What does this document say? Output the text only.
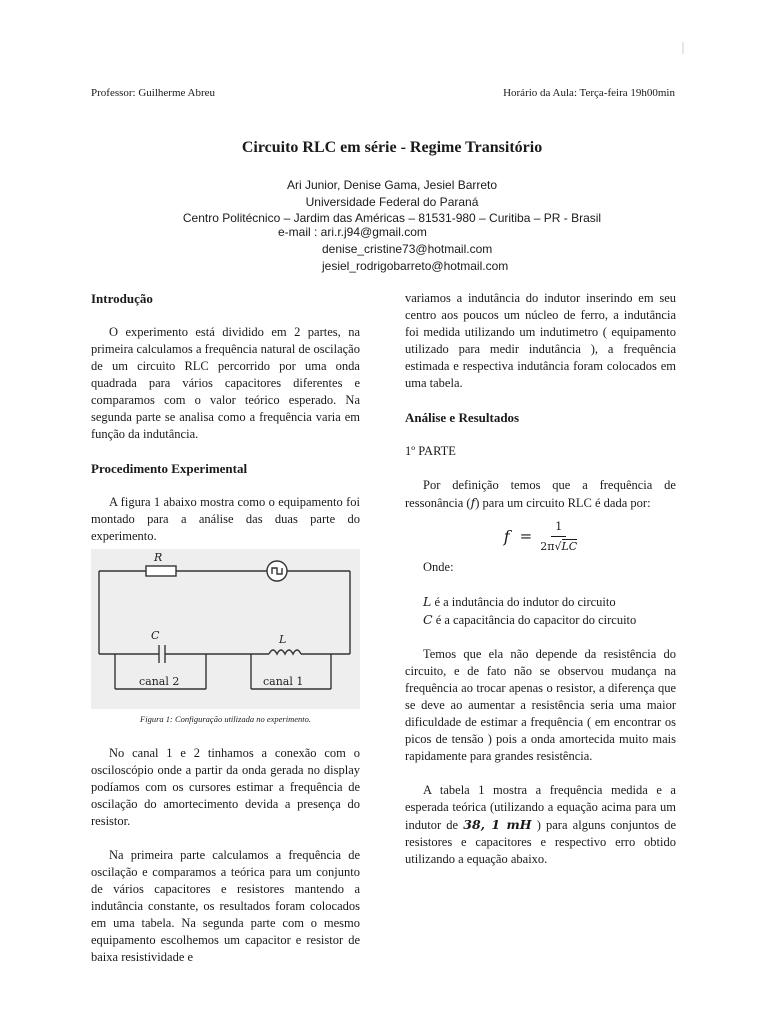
Professor: Guilherme Abreu	Horário da Aula: Terça-feira 19h00min
Circuito RLC em série - Regime Transitório
Ari Junior, Denise Gama, Jesiel Barreto
Universidade Federal do Paraná
Centro Politécnico – Jardim das Américas – 81531-980 – Curitiba – PR - Brasil
e-mail : ari.r.j94@gmail.com
denise_cristine73@hotmail.com
jesiel_rodrigobarreto@hotmail.com
Introdução

O experimento está dividido em 2 partes, na primeira calculamos a frequência natural de oscilação de um circuito RLC percorrido por uma onda quadrada para vários capacitores diferentes e comparamos com o valor teórico esperado. Na segunda parte se analisa como a frequência varia em função da indutância.

Procedimento Experimental

A figura 1 abaixo mostra como o equipamento foi montado para a análise das duas parte do experimento.

R
C	L
canal 2	canal 1
Figura 1: Configuração utilizada no experimento.

No canal 1 e 2 tinhamos a conexão com o osciloscópio onde a partir da onda gerada no display podíamos com os cursores estimar a frequência de oscilação do amortecimento devida a presença do resistor.

Na primeira parte calculamos a frequência de oscilação e comparamos a teórica para um conjunto de vários capacitores e resistores mantendo a indutância constante, os resultados foram colocados em uma tabela. Na segunda parte com o mesmo equipamento escolhemos um capacitor e resistor de baixa resistividade e

variamos a indutância do indutor inserindo em seu centro aos poucos um núcleo de ferro, a indutância foi medida utilizando um indutimetro ( equipamento utilizado para medir indutância ), a frequência estimada e respectiva indutância foram colocados em uma tabela.

Análise e Resultados

1º PARTE

Por definição temos que a frequência de ressonância (f) para um circuito RLC é dada por:

$f = \frac{1}{2\pi√LC}$

Onde:

L é a indutância do indutor do circuito

C é a capacitância do capacitor do circuito

Temos que ela não depende da resistência do circuito, e de fato não se observou mudança na frequência ao trocar apenas o resistor, a diferença que se deve ao aumentar a resistência seria uma maior dificuldade de estimar a frequência ( em encontrar os picos de tensão ) pois a onda amortecida muito mais rapidamente para grandes resistência.

A tabela 1 mostra a frequência medida e a esperada teórica (utilizando a equação acima para um indutor de 38, 1 mH ) para alguns conjuntos de resistores e capacitores e respectivo erro obtido utilizando a equação abaixo.
